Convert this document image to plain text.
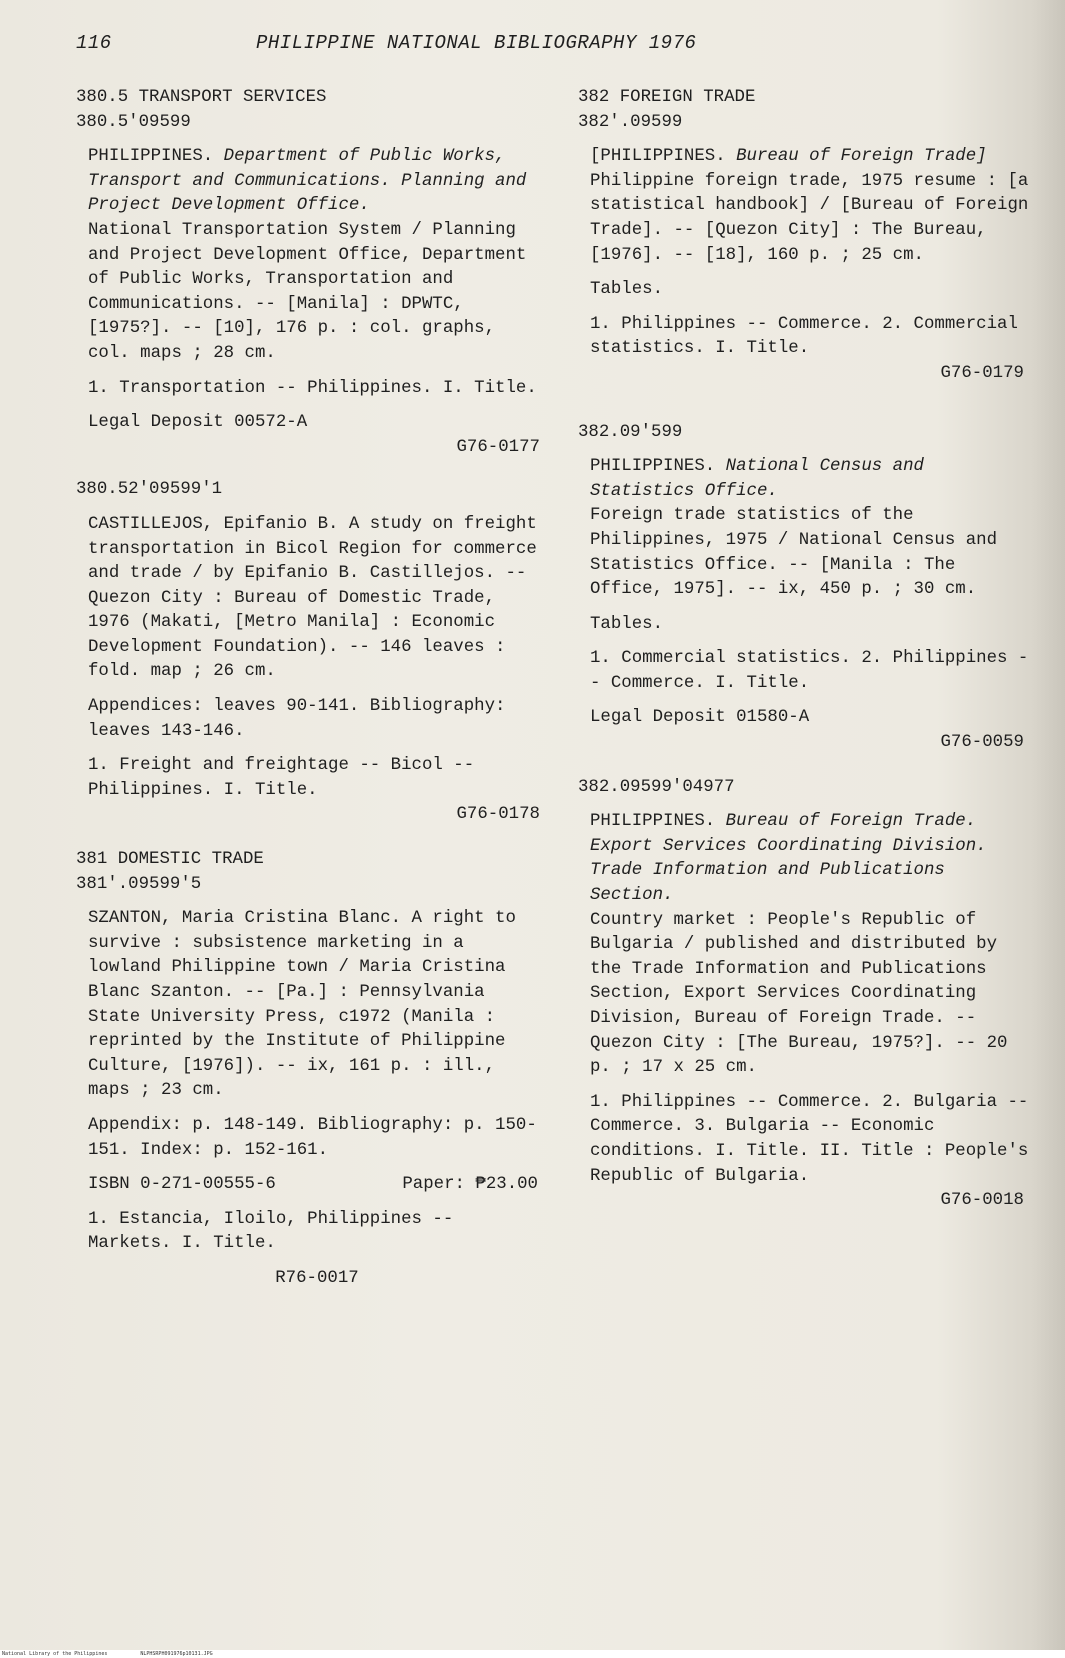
116	PHILIPPINE NATIONAL BIBLIOGRAPHY 1976
380.5 TRANSPORT SERVICES
380.5'09599

PHILIPPINES. Department of Public Works, Transport and Communications. Planning and Project Development Office.

National Transportation System / Planning and Project Development Office, Department of Public Works, Transportation and Communications. -- [Manila] : DPWTC, [1975?]. -- [10], 176 p. : col. graphs, col. maps ; 28 cm.

1. Transportation -- Philippines. I. Title.

Legal Deposit 00572-A

G76-0177

380.52'09599'1

CASTILLEJOS, Epifanio B. A study on freight transportation in Bicol Region for commerce and trade / by Epifanio B. Castillejos. -- Quezon City : Bureau of Domestic Trade, 1976 (Makati, [Metro Manila] : Economic Development Foundation). -- 146 leaves : fold. map ; 26 cm.

Appendices: leaves 90-141. Bibliography: leaves 143-146.

1. Freight and freightage -- Bicol -- Philippines. I. Title.

G76-0178

381 DOMESTIC TRADE
381'.09599'5

SZANTON, Maria Cristina Blanc. A right to survive : subsistence marketing in a lowland Philippine town / Maria Cristina Blanc Szanton. -- [Pa.] : Pennsylvania State University Press, c1972 (Manila : reprinted by the Institute of Philippine Culture, [1976]). -- ix, 161 p. : ill., maps ; 23 cm.

Appendix: p. 148-149. Bibliography: p. 150-151. Index: p. 152-161.

ISBN 0-271-00555-6	Paper: ₱23.00

1. Estancia, Iloilo, Philippines -- Markets. I. Title.

R76-0017

382 FOREIGN TRADE
382'.09599

[PHILIPPINES. Bureau of Foreign Trade]

Philippine foreign trade, 1975 resume : [a statistical handbook] / [Bureau of Foreign Trade]. -- [Quezon City] : The Bureau, [1976]. -- [18], 160 p. ; 25 cm.

Tables.

1. Philippines -- Commerce. 2. Commercial statistics. I. Title.

G76-0179

382.09'599

PHILIPPINES. National Census and Statistics Office.

Foreign trade statistics of the Philippines, 1975 / National Census and Statistics Office. -- [Manila : The Office, 1975]. -- ix, 450 p. ; 30 cm.

Tables.

1. Commercial statistics. 2. Philippines -- Commerce. I. Title.

Legal Deposit 01580-A

G76-0059

382.09599'04977

PHILIPPINES. Bureau of Foreign Trade. Export Services Coordinating Division. Trade Information and Publications Section.

Country market : People's Republic of Bulgaria / published and distributed by the Trade Information and Publications Section, Export Services Coordinating Division, Bureau of Foreign Trade. -- Quezon City : [The Bureau, 1975?]. -- 20 p. ; 17 x 25 cm.

1. Philippines -- Commerce. 2. Bulgaria -- Commerce. 3. Bulgaria -- Economic conditions. I. Title. II. Title : People's Republic of Bulgaria.

G76-0018

National Library of the Philippines	NLPHSRPH091976p10131.JPG
